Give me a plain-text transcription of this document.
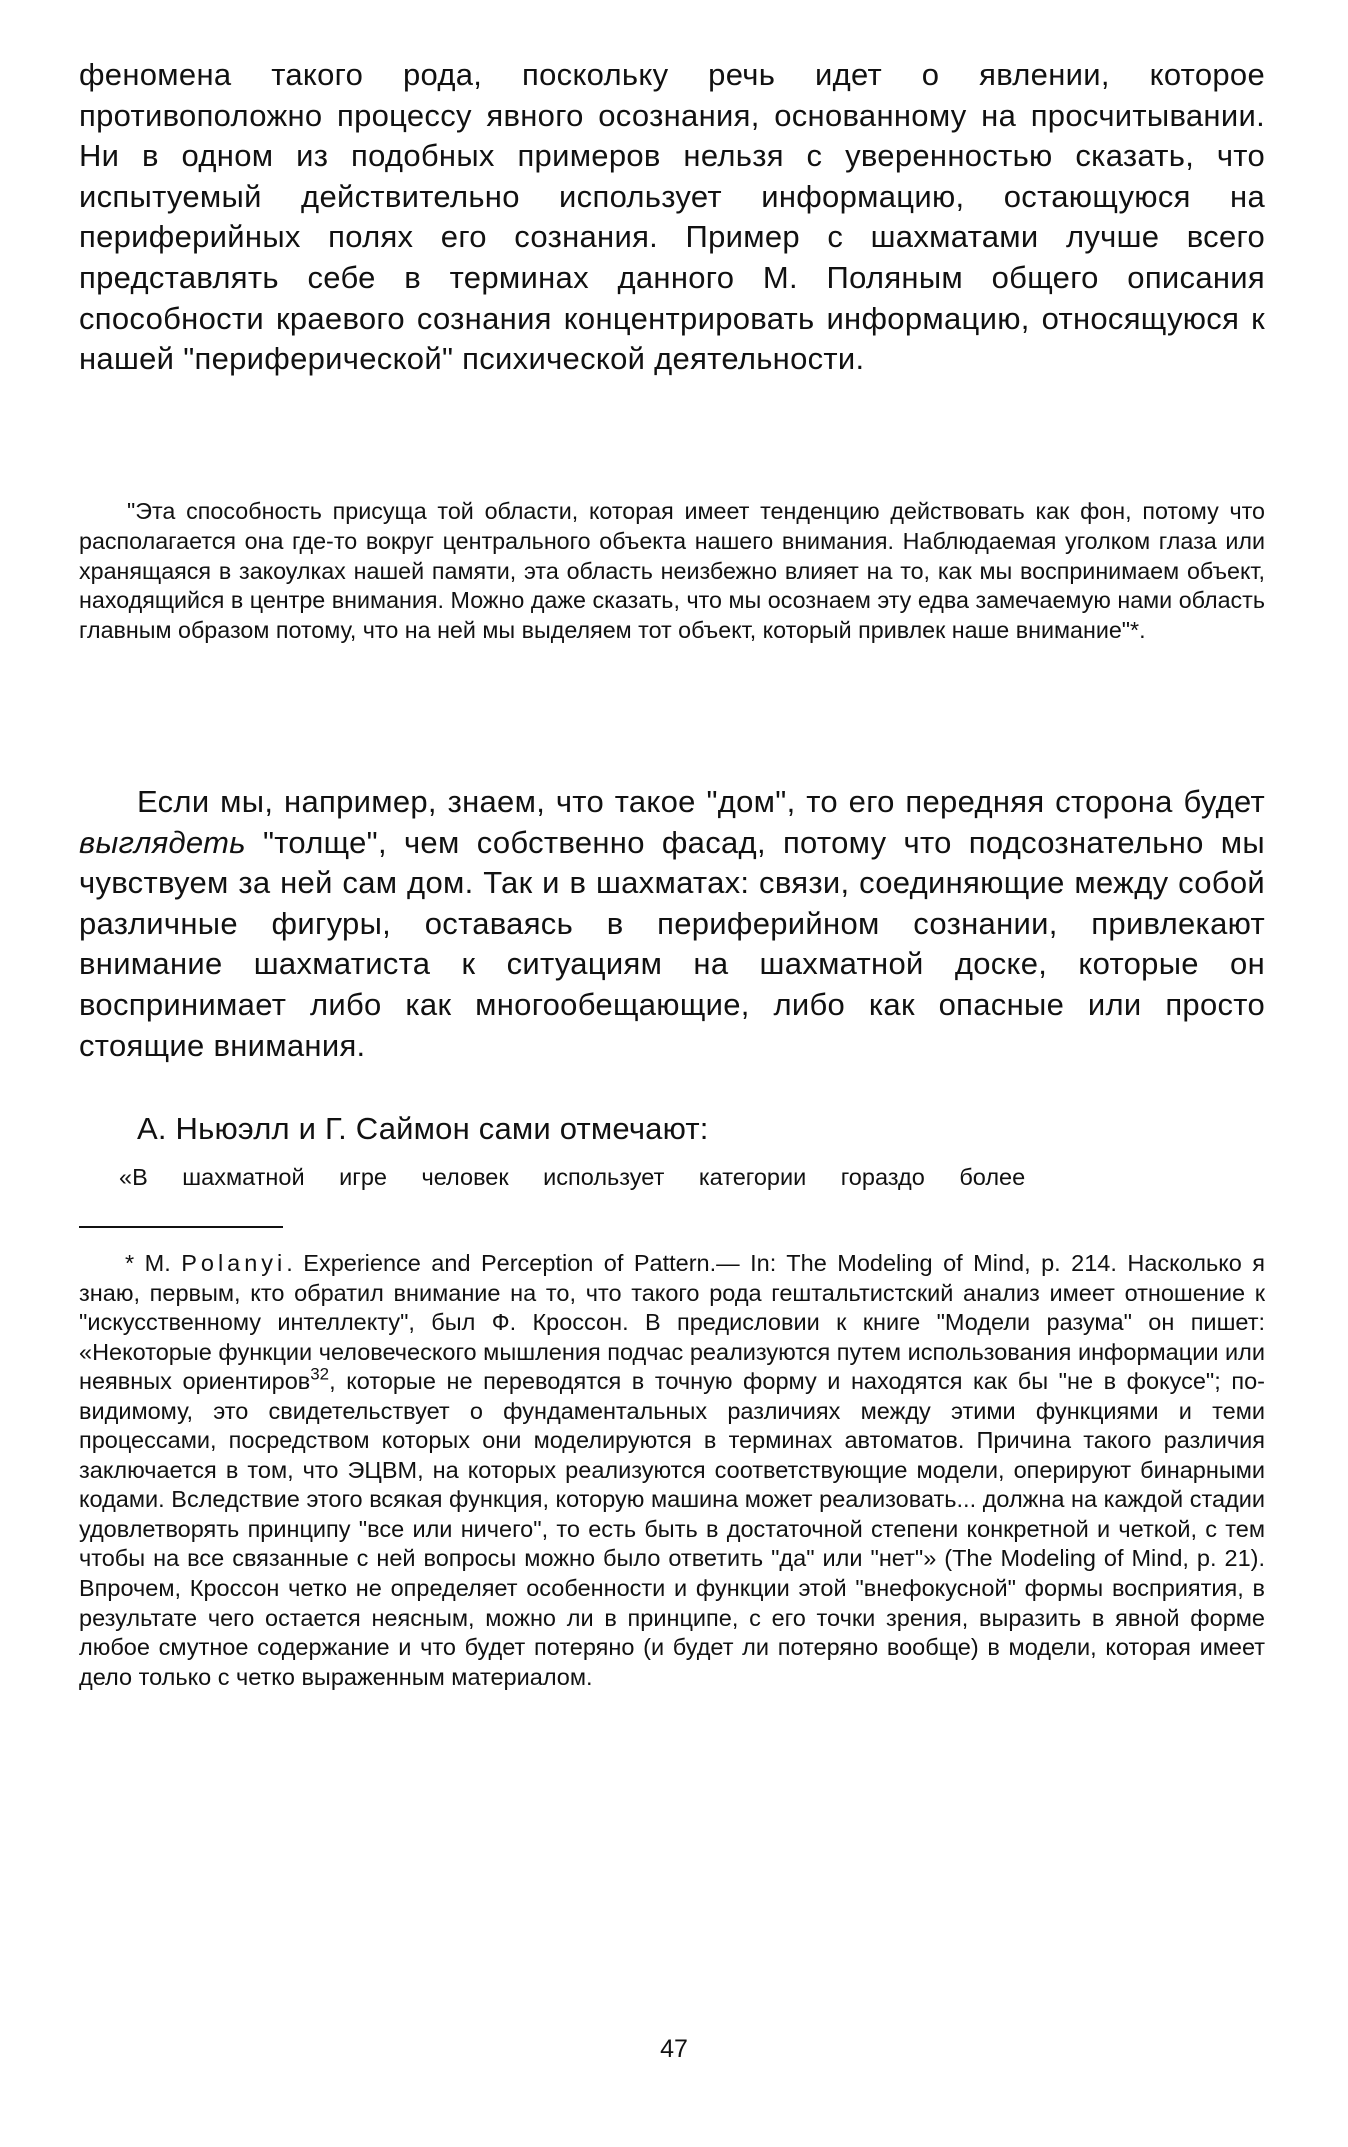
феномена такого рода, поскольку речь идет о явлении, которое противоположно процессу явного осознания, основанному на просчитывании. Ни в одном из подобных примеров нельзя с уверенностью сказать, что испытуемый действительно использует информацию, остающуюся на периферийных полях его сознания. Пример с шахматами лучше всего представлять себе в терминах данного М. Поляным общего описания способности краевого сознания концентрировать информацию, относящуюся к нашей "периферической" психической деятельности.

"Эта способность присуща той области, которая имеет тенденцию действовать как фон, потому что располагается она где-то вокруг центрального объекта нашего внимания. Наблюдаемая уголком глаза или хранящаяся в закоулках нашей памяти, эта область неизбежно влияет на то, как мы воспринимаем объект, находящийся в центре внимания. Можно даже сказать, что мы осознаем эту едва замечаемую нами область главным образом потому, что на ней мы выделяем тот объект, который привлек наше внимание"*.

Если мы, например, знаем, что такое "дом", то его передняя сторона будет выглядеть "толще", чем собственно фасад, потому что подсознательно мы чувствуем за ней сам дом. Так и в шахматах: связи, соединяющие между собой различные фигуры, оставаясь в периферийном сознании, привлекают внимание шахматиста к ситуациям на шахматной доске, которые он воспринимает либо как многообещающие, либо как опасные или просто стоящие внимания.

А. Ньюэлл и Г. Саймон сами отмечают:

«В шахматной игре человек использует категории гораздо более

* M. Polanyi. Experience and Perception of Pattern.— In: The Modeling of Mind, p. 214. Насколько я знаю, первым, кто обратил внимание на то, что такого рода гештальтистский анализ имеет отношение к "искусственному интеллекту", был Ф. Кроссон. В предисловии к книге "Модели разума" он пишет: «Некоторые функции человеческого мышления подчас реализуются путем использования информации или неявных ориентиров$^{32}$, которые не переводятся в точную форму и находятся как бы "не в фокусе"; по-видимому, это свидетельствует о фундаментальных различиях между этими функциями и теми процессами, посредством которых они моделируются в терминах автоматов. Причина такого различия заключается в том, что ЭЦВМ, на которых реализуются соответствующие модели, оперируют бинарными кодами. Вследствие этого всякая функция, которую машина может реализовать... должна на каждой стадии удовлетворять принципу "все или ничего", то есть быть в достаточной степени конкретной и четкой, с тем чтобы на все связанные с ней вопросы можно было ответить "да" или "нет"» (The Modeling of Mind, p. 21). Впрочем, Кроссон четко не определяет особенности и функции этой "внефокусной" формы восприятия, в результате чего остается неясным, можно ли в принципе, с его точки зрения, выразить в явной форме любое смутное содержание и что будет потеряно (и будет ли потеряно вообще) в модели, которая имеет дело только с четко выраженным материалом.

47
